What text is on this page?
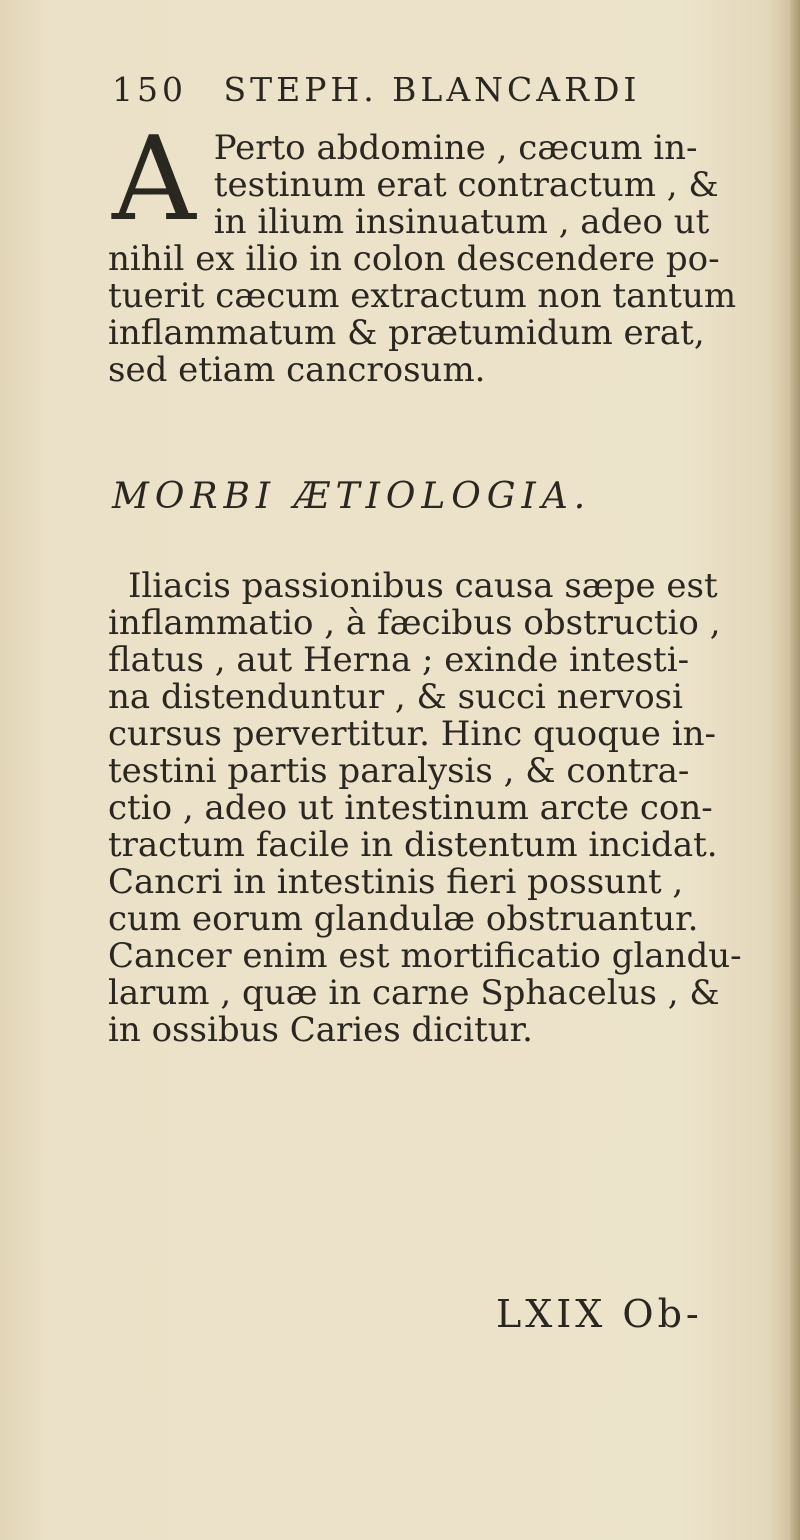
150 STEPH. BLANCARDI
A Perto abdomine , cæcum in-
testinum erat contractum , &
in ilium insinuatum , adeo ut
nihil ex ilio in colon descendere po-
tuerit cæcum extractum non tantum
inflammatum & prætumidum erat,
sed etiam cancrosum.
MORBI ÆTIOLOGIA.
Iliacis passionibus causa sæpe est
inflammatio , à fæcibus obstructio ,
flatus , aut Herna ; exinde intesti-
na distenduntur , & succi nervosi
cursus pervertitur. Hinc quoque in-
testini partis paralysis , & contra-
ctio , adeo ut intestinum arcte con-
tractum facile in distentum incidat.
Cancri in intestinis fieri possunt ,
cum eorum glandulæ obstruantur.
Cancer enim est mortificatio glandu-
larum , quæ in carne Sphacelus , &
in ossibus Caries dicitur.
LXIX Ob-
